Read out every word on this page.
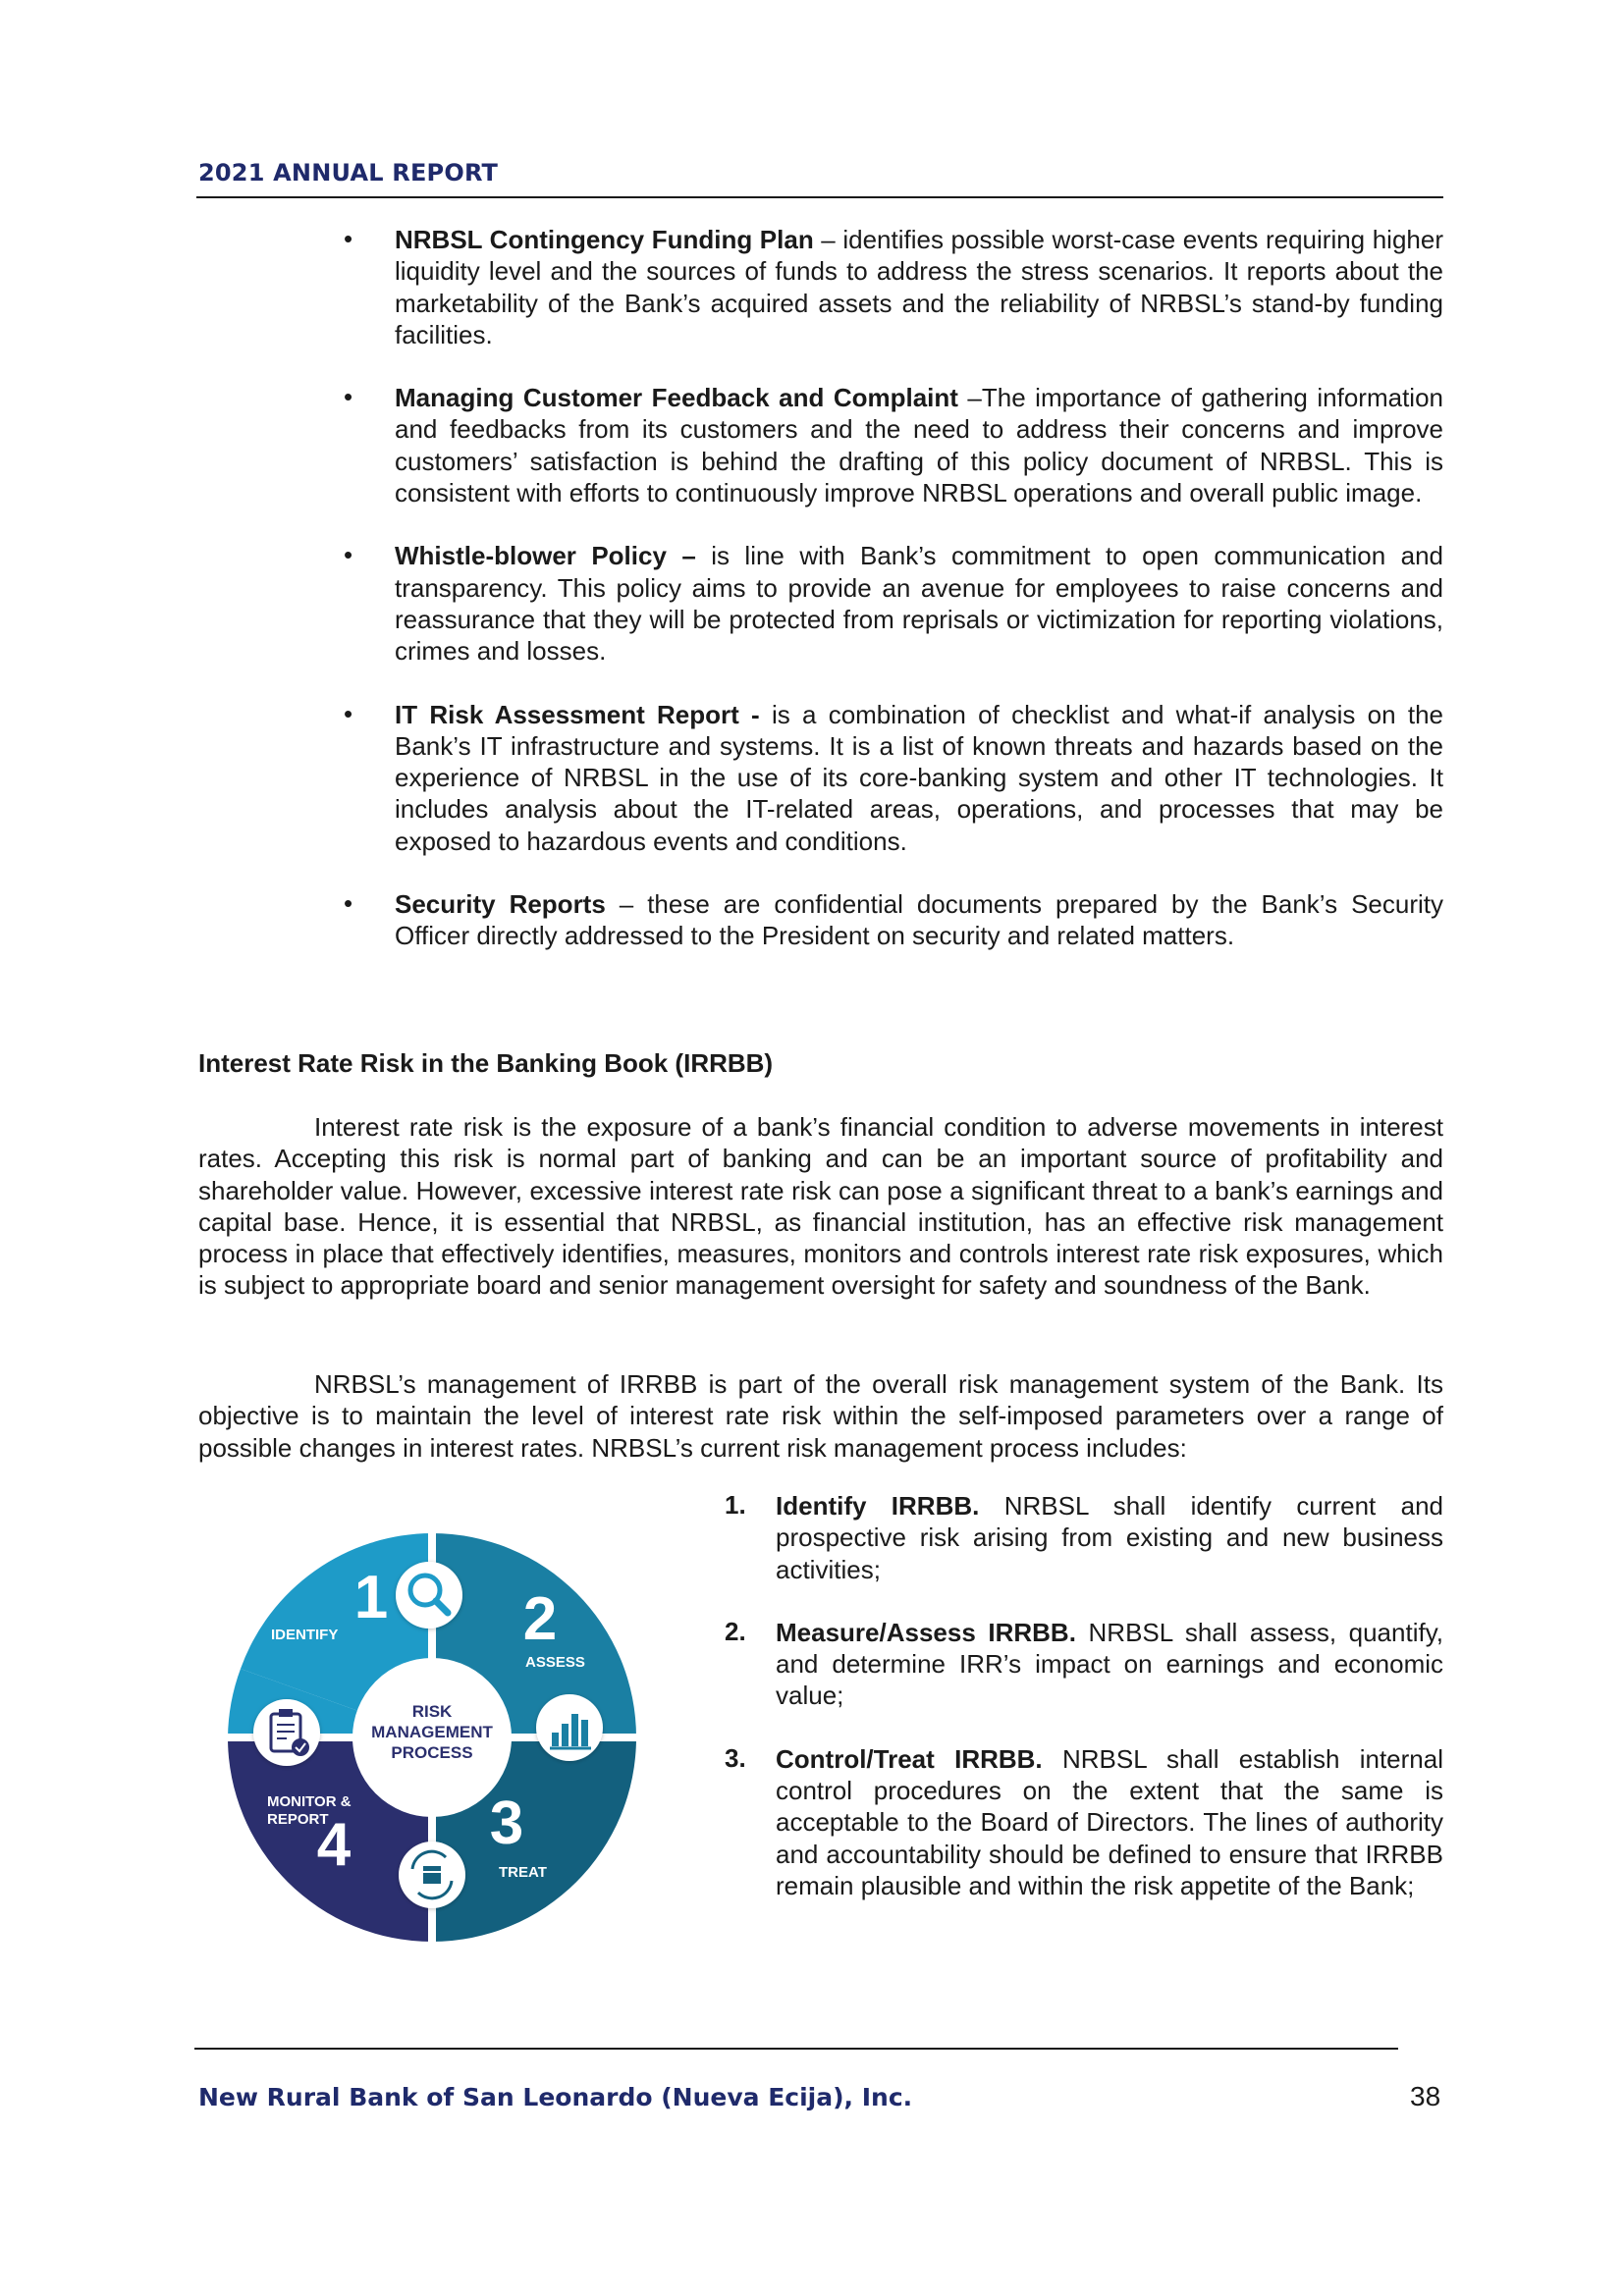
2021 ANNUAL REPORT
• NRBSL Contingency Funding Plan – identifies possible worst-case events requiring higher liquidity level and the sources of funds to address the stress scenarios. It reports about the marketability of the Bank’s acquired assets and the reliability of NRBSL’s stand-by funding facilities.

• Managing Customer Feedback and Complaint –The importance of gathering information and feedbacks from its customers and the need to address their concerns and improve customers’ satisfaction is behind the drafting of this policy document of NRBSL. This is consistent with efforts to continuously improve NRBSL operations and overall public image.

• Whistle-blower Policy – is line with Bank’s commitment to open communication and transparency. This policy aims to provide an avenue for employees to raise concerns and reassurance that they will be protected from reprisals or victimization for reporting violations, crimes and losses.

• IT Risk Assessment Report - is a combination of checklist and what-if analysis on the Bank’s IT infrastructure and systems. It is a list of known threats and hazards based on the experience of NRBSL in the use of its core-banking system and other IT technologies. It includes analysis about the IT-related areas, operations, and processes that may be exposed to hazardous events and conditions.

• Security Reports – these are confidential documents prepared by the Bank’s Security Officer directly addressed to the President on security and related matters.

Interest Rate Risk in the Banking Book (IRRBB)

Interest rate risk is the exposure of a bank’s financial condition to adverse movements in interest rates. Accepting this risk is normal part of banking and can be an important source of profitability and shareholder value. However, excessive interest rate risk can pose a significant threat to a bank’s earnings and capital base. Hence, it is essential that NRBSL, as financial institution, has an effective risk management process in place that effectively identifies, measures, monitors and controls interest rate risk exposures, which is subject to appropriate board and senior management oversight for safety and soundness of the Bank.

NRBSL’s management of IRRBB is part of the overall risk management system of the Bank. Its objective is to maintain the level of interest rate risk within the self-imposed parameters over a range of possible changes in interest rates. NRBSL’s current risk management process includes:

RISK
MANAGEMENT
PROCESS
1
IDENTIFY	2
ASSESS
3
TREAT
4
MONITOR &
REPORT
1. Identify IRRBB. NRBSL shall identify current and prospective risk arising from existing and new business activities;

2. Measure/Assess IRRBB. NRBSL shall assess, quantify, and determine IRR’s impact on earnings and economic value;

3. Control/Treat IRRBB. NRBSL shall establish internal control procedures on the extent that the same is acceptable to the Board of Directors. The lines of authority and accountability should be defined to ensure that IRRBB remain plausible and within the risk appetite of the Bank;

New Rural Bank of San Leonardo (Nueva Ecija), Inc.	38
